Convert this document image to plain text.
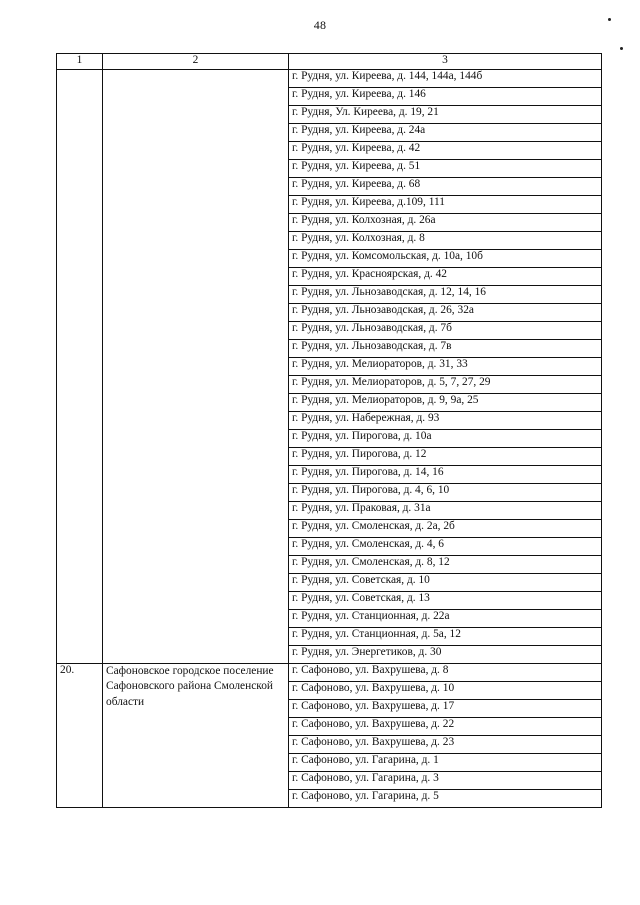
48
1	2	3
		г. Рудня, ул. Киреева, д. 144, 144а, 144б
		г. Рудня, ул. Киреева, д. 146
		г. Рудня, Ул. Киреева, д. 19, 21
		г. Рудня, ул. Киреева, д. 24а
		г. Рудня, ул. Киреева, д. 42
		г. Рудня, ул. Киреева, д. 51
		г. Рудня, ул. Киреева, д. 68
		г. Рудня, ул. Киреева, д.109, 111
		г. Рудня, ул. Колхозная, д. 26а
		г. Рудня, ул. Колхозная, д. 8
		г. Рудня, ул. Комсомольская, д. 10а, 10б
		г. Рудня, ул. Красноярская, д. 42
		г. Рудня, ул. Льнозаводская, д. 12, 14, 16
		г. Рудня, ул. Льнозаводская, д. 26, 32а
		г. Рудня, ул. Льнозаводская, д. 7б
		г. Рудня, ул. Льнозаводская, д. 7в
		г. Рудня, ул. Мелиораторов, д. 31, 33
		г. Рудня, ул. Мелиораторов, д. 5, 7, 27, 29
		г. Рудня, ул. Мелиораторов, д. 9, 9а, 25
		г. Рудня, ул. Набережная, д. 93
		г. Рудня, ул. Пирогова, д. 10а
		г. Рудня, ул. Пирогова, д. 12
		г. Рудня, ул. Пирогова, д. 14, 16
		г. Рудня, ул. Пирогова, д. 4, 6, 10
		г. Рудня, ул. Праковая, д. 31а
		г. Рудня, ул. Смоленская, д. 2а, 2б
		г. Рудня, ул. Смоленская, д. 4, 6
		г. Рудня, ул. Смоленская, д. 8, 12
		г. Рудня, ул. Советская, д. 10
		г. Рудня, ул. Советская, д. 13
		г. Рудня, ул. Станционная, д. 22а
		г. Рудня, ул. Станционная, д. 5а, 12
		г. Рудня, ул. Энергетиков, д. 30
20.	Сафоновское городское поселение Сафоновского района Смоленской области	г. Сафоново, ул. Вахрушева, д. 8
		г. Сафоново, ул. Вахрушева, д. 10
		г. Сафоново, ул. Вахрушева, д. 17
		г. Сафоново, ул. Вахрушева, д. 22
		г. Сафоново, ул. Вахрушева, д. 23
		г. Сафоново, ул. Гагарина, д. 1
		г. Сафоново, ул. Гагарина, д. 3
		г. Сафоново, ул. Гагарина, д. 5
